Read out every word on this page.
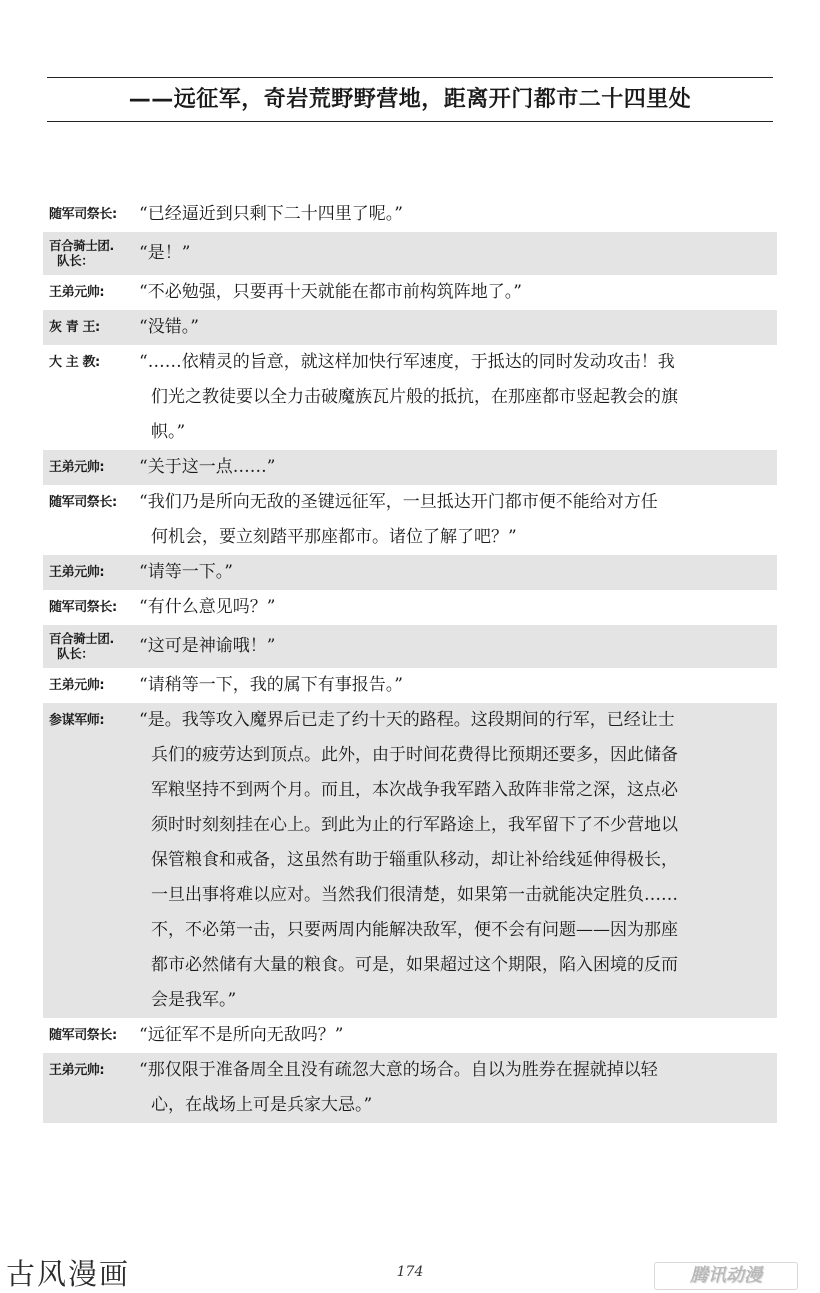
——远征军，奇岩荒野野营地，距离开门都市二十四里处
随军司祭长:	“已经逼近到只剩下二十四里了呢。”
百合骑士团.
队长：	“是！”
王弟元帅:	“不必勉强，只要再十天就能在都市前构筑阵地了。”
灰 青 王:	“没错。”
大 主 教:	“……依精灵的旨意，就这样加快行军速度，于抵达的同时发动攻击！我
们光之教徒要以全力击破魔族瓦片般的抵抗，在那座都市竖起教会的旗
帜。”
王弟元帅:	“关于这一点……”
随军司祭长:	“我们乃是所向无敌的圣键远征军，一旦抵达开门都市便不能给对方任
何机会，要立刻踏平那座都市。诸位了解了吧？”
王弟元帅:	“请等一下。”
随军司祭长:	“有什么意见吗？”
百合骑士团.
队长：	“这可是神谕哦！”
王弟元帅:	“请稍等一下，我的属下有事报告。”
参谋军师:	“是。我等攻入魔界后已走了约十天的路程。这段期间的行军，已经让士
兵们的疲劳达到顶点。此外，由于时间花费得比预期还要多，因此储备
军粮坚持不到两个月。而且，本次战争我军踏入敌阵非常之深，这点必
须时时刻刻挂在心上。到此为止的行军路途上，我军留下了不少营地以
保管粮食和戒备，这虽然有助于辎重队移动，却让补给线延伸得极长，
一旦出事将难以应对。当然我们很清楚，如果第一击就能决定胜负……
不，不必第一击，只要两周内能解决敌军，便不会有问题——因为那座
都市必然储有大量的粮食。可是，如果超过这个期限，陷入困境的反而
会是我军。”
随军司祭长:	“远征军不是所向无敌吗？”
王弟元帅:	“那仅限于准备周全且没有疏忽大意的场合。自以为胜券在握就掉以轻
心，在战场上可是兵家大忌。”
古风漫画	174	腾讯动漫
